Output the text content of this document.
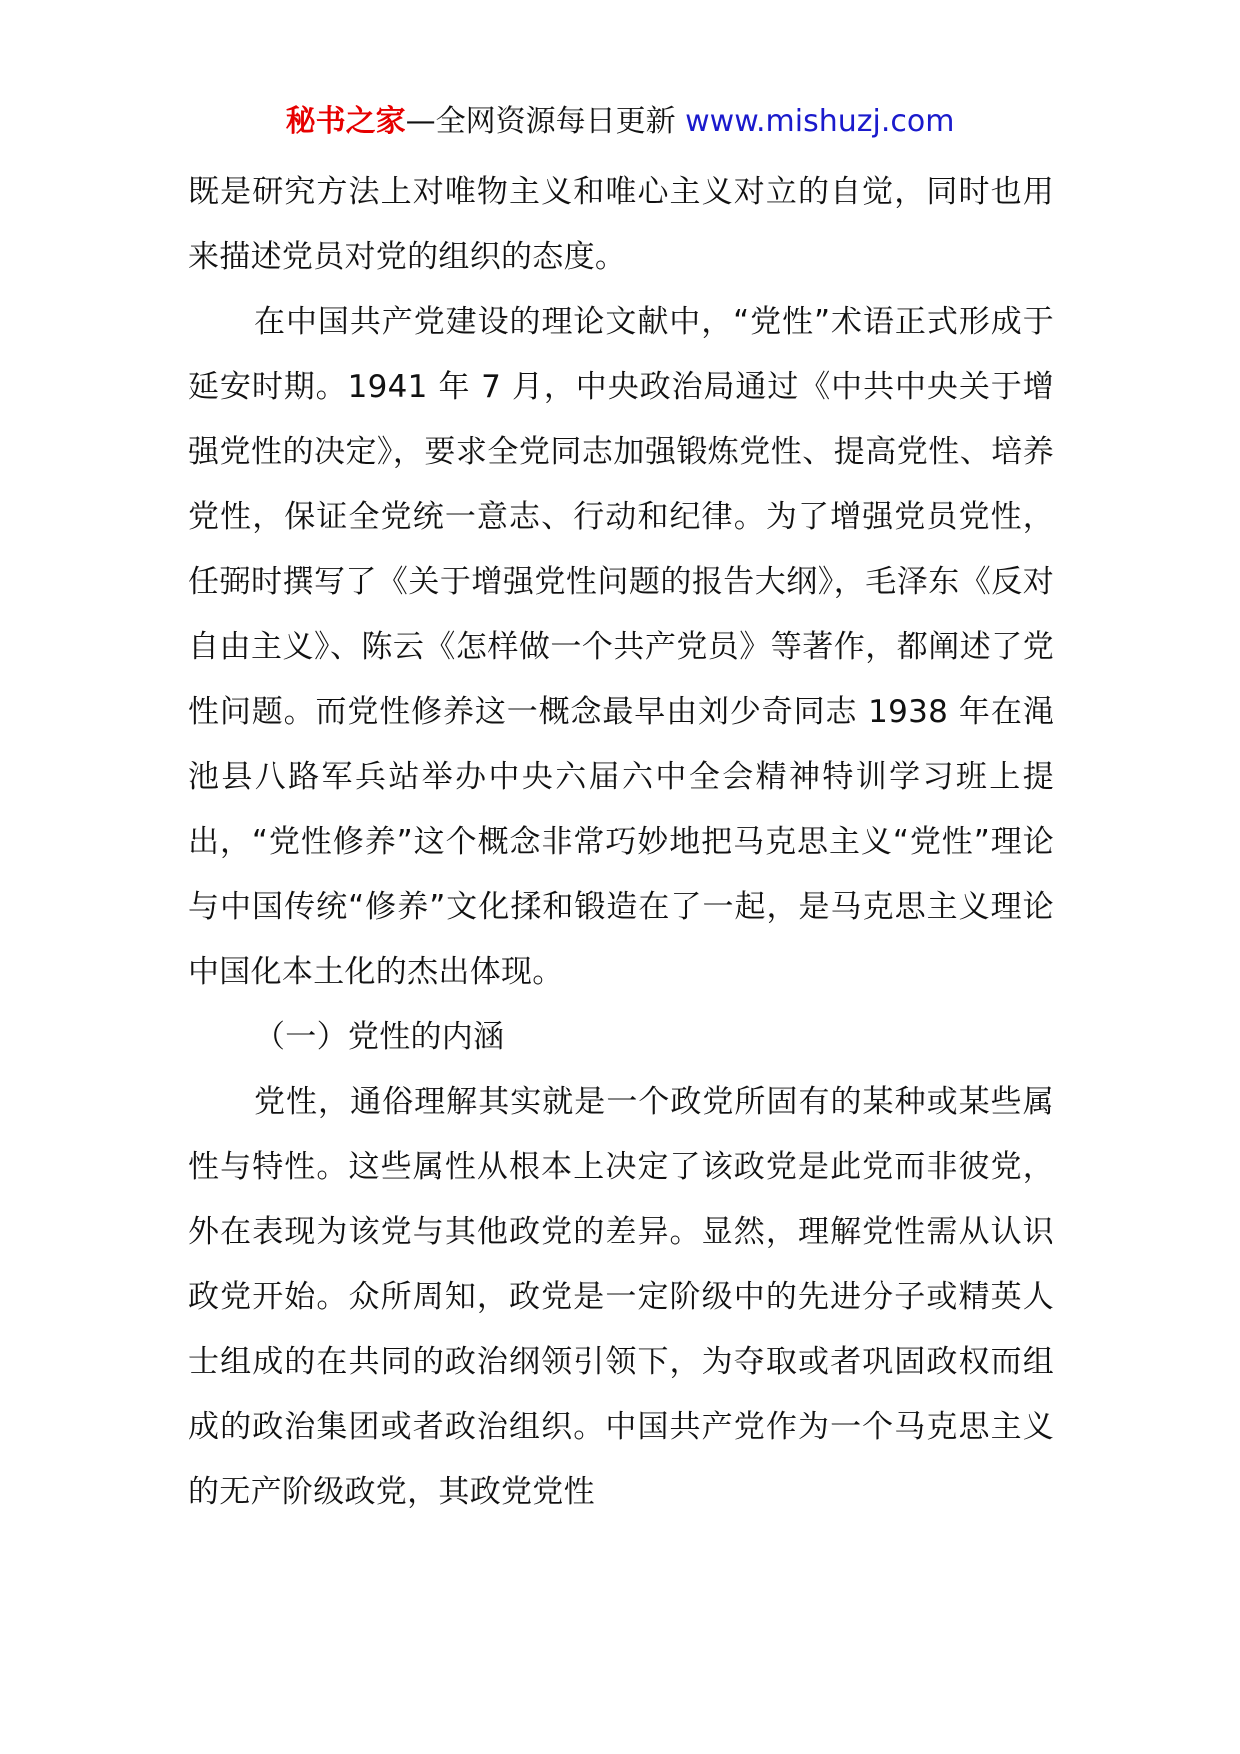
秘书之家—全网资源每日更新 www.mishuzj.com

既是研究方法上对唯物主义和唯心主义对立的自觉，同时也用来描述党员对党的组织的态度。

在中国共产党建设的理论文献中，“党性”术语正式形成于延安时期。1941 年 7 月，中央政治局通过《中共中央关于增强党性的决定》，要求全党同志加强锻炼党性、提高党性、培养党性，保证全党统一意志、行动和纪律。为了增强党员党性，任弼时撰写了《关于增强党性问题的报告大纲》，毛泽东《反对自由主义》、陈云《怎样做一个共产党员》等著作，都阐述了党性问题。而党性修养这一概念最早由刘少奇同志 1938 年在渑池县八路军兵站举办中央六届六中全会精神特训学习班上提出，“党性修养”这个概念非常巧妙地把马克思主义“党性”理论与中国传统“修养”文化揉和锻造在了一起，是马克思主义理论中国化本土化的杰出体现。

（一）党性的内涵

党性，通俗理解其实就是一个政党所固有的某种或某些属性与特性。这些属性从根本上决定了该政党是此党而非彼党，外在表现为该党与其他政党的差异。显然，理解党性需从认识政党开始。众所周知，政党是一定阶级中的先进分子或精英人士组成的在共同的政治纲领引领下，为夺取或者巩固政权而组成的政治集团或者政治组织。中国共产党作为一个马克思主义的无产阶级政党，其政党党性
